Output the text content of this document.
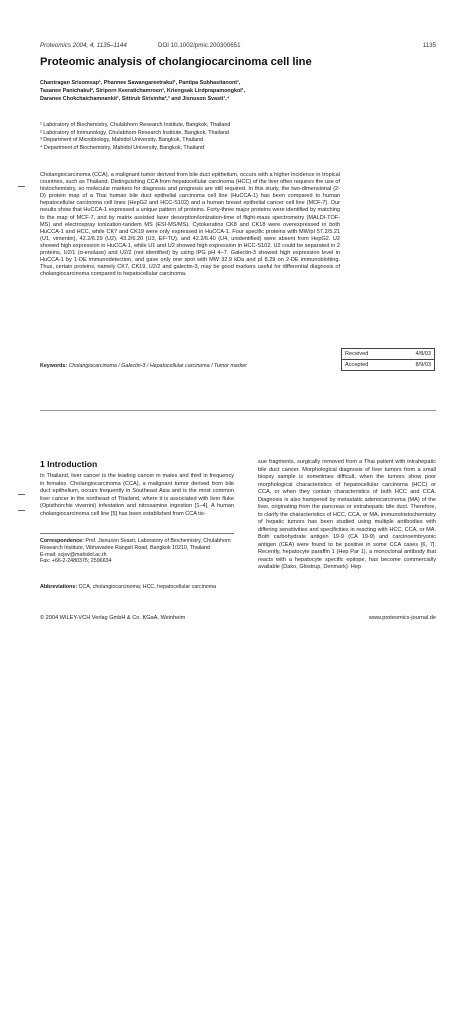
Proteomics 2004, 4, 1135–1144	DOI 10.1002/pmic.200300651	1135
Proteomic analysis of cholangiocarcinoma cell line
Chantragan Srisomsap¹, Phannee Sawangareetrakul¹, Pantipa Subhasitanont¹,
Tasanee Panichakul², Siriporn Keeratichamroen¹, Kriengsak Lirdprapamongkol¹,
Daranee Chokchaichamnankit¹, Sittiruk Sirisinha²,³ and Jisnuson Svasti¹,⁴
¹ Laboratory of Biochemistry, Chulabhorn Research Institute, Bangkok, Thailand
² Laboratory of Immunology, Chulabhorn Research Institute, Bangkok, Thailand
³ Department of Microbiology, Mahidol University, Bangkok, Thailand
⁴ Department of Biochemistry, Mahidol University, Bangkok, Thailand
Cholangiocarcinoma (CCA), a malignant tumor derived from bile duct epithelium, occurs with a higher incidence in tropical countries, such as Thailand. Distinguishing CCA from hepatocellular carcinoma (HCC) of the liver often requires the use of histochemistry, so molecular markers for diagnosis and prognosis are still required. In this study, the two-dimensional (2-D) protein map of a Thai human bile duct epithelial carcinoma cell line (HuCCA-1) has been compared to human hepatocellular carcinoma cell lines (HepG2 and HCC-S102) and a human breast epithelial cancer cell line (MCF-7). Our results show that HuCCA-1 expressed a unique pattern of proteins. Forty-three major proteins were identified by matching to the map of MCF-7, and by matrix assisted laser desorption/ionization-time of flight-mass spectrometry (MALDI-TOF-MS) and electrospray ionization-tandem MS (ESI-MS/MS). Cytokeratins CK8 and CK18 were overexpressed in both HuCCA-1 and HCC, while CK7 and CK19 were only expressed in HuCCA-1. Four specific proteins with MW/pI 57.2/5.21 (U1, vimentin), 42.2/6.29 (U2), 43.2/6.20 (U3, EF-TU), and 42.2/6.40 (U4, unidentified) were absent from HepG2. U2 showed high expression in HuCCA-1, while U1 and U2 showed high expression in HCC-S102. U2 could be separated in 2 proteins, U2/1 (α-enolase) and U2/2 (not identified) by using IPG pH 4–7. Galectin-3 showed high expression level in HuCCA-1 by 1-DE immunodetection, and gave only one spot with MW 32.9 kDa and pI 8.29 on 2-DE immunoblotting. Thus, certain proteins, namely CK7, CK19, U2/2 and galectin-3, may be good markers useful for differential diagnosis of cholangiocarcinoma compared to hepatocellular carcinoma.
Received	4/8/03
Accepted	8/9/03
Keywords: Cholangiocarcinoma / Galectin-3 / Hepatocellular carcinoma / Tumor marker
1 Introduction
In Thailand, liver cancer is the leading cancer in males and third in frequency in females. Cholangiocarcinoma (CCA), a malignant tumor derived from bile duct epithelium, occurs frequently in Southeast Asia and is the most common liver cancer in the northeast of Thailand, where it is associated with liver fluke (Opisthorchis viverrini) infestation and nitrosamine ingestion [1–4]. A human cholangiocarcinoma cell line [5] has been established from CCA tis-
Correspondence: Prof. Jisnuson Svasti, Laboratory of Biochemistry, Chulabhorn Research Institute, Vibhavadee Rangsit Road, Bangkok 10210, Thailand
E-mail: scjsv@mahidol.ac.th
Fax: +66-2-2480375; 2596634
Abbreviations: CCA, cholangiocarcinoma; HCC, hepatocellular carcinoma
sue fragments, surgically removed from a Thai patient with intrahepatic bile duct cancer. Morphological diagnosis of liver tumors from a small biopsy sample is sometimes difficult, when the tumors show poor morphological characteristics of hepatocellular carcinoma (HCC) or CCA, or when they contain characteristics of both HCC and CCA. Diagnosis is also hampered by metastatic adenocarcinoma (MA) of the liver, originating from the pancreas or extrahepatic bile duct. Therefore, to clarify the characteristics of HCC, CCA, or MA, immunohistochemistry of hepatic tumors has been studied using multiple antibodies with differing sensitivities and specificities in reacting with HCC, CCA, or MA. Both carbohydrate antigen 19-9 (CA 19-9) and carcinoembryonic antigen (CEA) were found to be positive in some CCA cases [6, 7]. Recently, hepatocyte paraffin 1 (Hep Par 1), a monoclonal antibody that reacts with a hepatocyte specific epitope, has become commercially available (Dako, Glostrup, Denmark). Hep
© 2004 WILEY-VCH Verlag GmbH & Co. KGaA, Weinheim	www.proteomics-journal.de
